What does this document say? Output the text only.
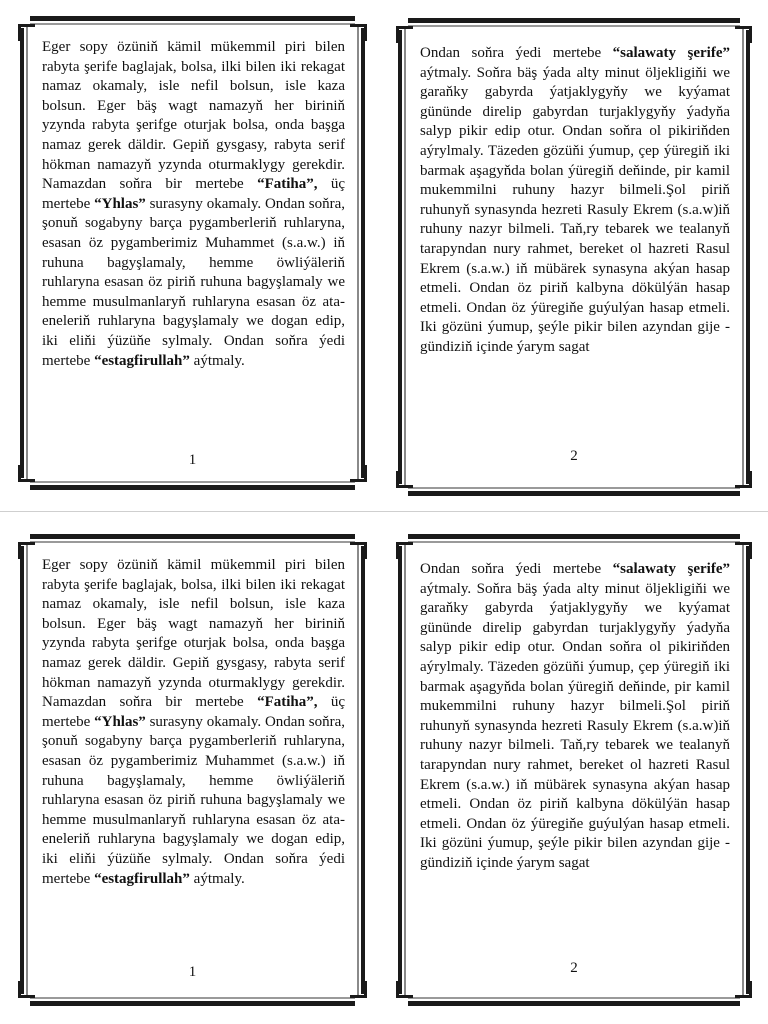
Eger sopy özüniň kämil mükemmil piri bilen rabyta şerife baglajak, bolsa, ilki bilen iki rekagat namaz okamaly, isle nefil bolsun, isle kaza bolsun. Eger bäş wagt namazyň her biriniň yzynda rabyta şerifge oturjak bolsa, onda başga namaz gerek däldir. Gepiň gysgasy, rabyta serif hökman namazyň yzynda oturmaklygy gerekdir. Namazdan soňra bir mertebe “Fatiha”, üç mertebe “Yhlas” surasyny okamaly. Ondan soňra, şonuň sogabyny barça pygamberleriň ruhlaryna, esasan öz pygamberimiz Muhammet (s.a.w.) iň ruhuna bagyşlamaly, hemme öwliýäleriň ruhlaryna esasan öz piriň ruhuna bagyşlamaly we hemme musulmanlaryň ruhlaryna esasan öz ata-eneleriň ruhlaryna bagyşlamaly we dogan edip, iki eliňi ýüzüňe sylmaly. Ondan soňra ýedi mertebe “estagfirullah” aýtmaly.
1
Ondan soňra ýedi mertebe “salawaty şerife” aýtmaly. Soňra bäş ýada alty minut öljekligiňi we garaňky gabyrda ýatjaklygyňy we kyýamat gününde direlip gabyrdan turjaklygyňy ýadyňa salyp pikir edip otur. Ondan soňra ol pikiriňden aýrylmaly. Täzeden gözüňi ýumup, çep ýüregiň iki barmak aşagyňda bolan ýüregiň deňinde, pir kamil mukemmilni ruhuny hazyr bilmeli.Şol piriň ruhunyň synasynda hezreti Rasuly Ekrem (s.a.w)iň ruhuny nazyr bilmeli. Taň,ry tebarek we tealanyň tarapyndan nury rahmet, bereket ol hazreti Rasul Ekrem (s.a.w.) iň mübärek synasyna akýan hasap etmeli. Ondan öz piriň kalbyna dökülýän hasap etmeli. Ondan öz ýüregiňe guýulýan hasap etmeli. Iki gözüni ýumup, şeýle pikir bilen azyndan gije - gündiziň içinde ýarym sagat
2
Eger sopy özüniň kämil mükemmil piri bilen rabyta şerife baglajak, bolsa, ilki bilen iki rekagat namaz okamaly, isle nefil bolsun, isle kaza bolsun. Eger bäş wagt namazyň her biriniň yzynda rabyta şerifge oturjak bolsa, onda başga namaz gerek däldir. Gepiň gysgasy, rabyta serif hökman namazyň yzynda oturmaklygy gerekdir. Namazdan soňra bir mertebe “Fatiha”, üç mertebe “Yhlas” surasyny okamaly. Ondan soňra, şonuň sogabyny barça pygamberleriň ruhlaryna, esasan öz pygamberimiz Muhammet (s.a.w.) iň ruhuna bagyşlamaly, hemme öwliýäleriň ruhlaryna esasan öz piriň ruhuna bagyşlamaly we hemme musulmanlaryň ruhlaryna esasan öz ata-eneleriň ruhlaryna bagyşlamaly we dogan edip, iki eliňi ýüzüňe sylmaly. Ondan soňra ýedi mertebe “estagfirullah” aýtmaly.
1
Ondan soňra ýedi mertebe “salawaty şerife” aýtmaly. Soňra bäş ýada alty minut öljekligiňi we garaňky gabyrda ýatjaklygyňy we kyýamat gününde direlip gabyrdan turjaklygyňy ýadyňa salyp pikir edip otur. Ondan soňra ol pikiriňden aýrylmaly. Täzeden gözüňi ýumup, çep ýüregiň iki barmak aşagyňda bolan ýüregiň deňinde, pir kamil mukemmilni ruhuny hazyr bilmeli.Şol piriň ruhunyň synasynda hezreti Rasuly Ekrem (s.a.w)iň ruhuny nazyr bilmeli. Taň,ry tebarek we tealanyň tarapyndan nury rahmet, bereket ol hazreti Rasul Ekrem (s.a.w.) iň mübärek synasyna akýan hasap etmeli. Ondan öz piriň kalbyna dökülýän hasap etmeli. Ondan öz ýüregiňe guýulýan hasap etmeli. Iki gözüni ýumup, şeýle pikir bilen azyndan gije - gündiziň içinde ýarym sagat
2
